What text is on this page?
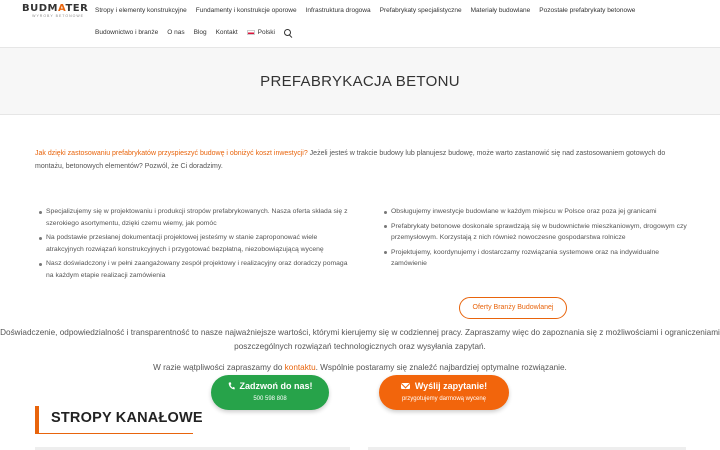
BUDMATER
WYROBY BETONOWE
Stropy i elementy konstrukcyjne Fundamenty i konstrukcje oporowe Infrastruktura drogowa Prefabrykaty specjalistyczne Materiały budowlane Pozostałe prefabrykaty betonowe
Budownictwo i branże O nas Blog Kontakt	Polski
PREFABRYKACJA BETONU

Jak dzięki zastosowaniu prefabrykatów przyspieszyć budowę i obniżyć koszt inwestycji? Jeżeli jesteś w trakcie budowy lub planujesz budowę, może warto zastanowić się nad zastosowaniem gotowych do montażu, betonowych elementów? Pozwól, że Ci doradzimy.

Specjalizujemy się w projektowaniu i produkcji stropów prefabrykowanych. Nasza oferta składa się z szerokiego asortymentu, dzięki czemu wiemy, jak pomóc
Na podstawie przesłanej dokumentacji projektowej jesteśmy w stanie zaproponować wiele atrakcyjnych rozwiązań konstrukcyjnych i przygotować bezpłatną, niezobowiązującą wycenę
Nasz doświadczony i w pełni zaangażowany zespół projektowy i realizacyjny oraz doradczy pomaga na każdym etapie realizacji zamówienia
Obsługujemy inwestycje budowlane w każdym miejscu w Polsce oraz poza jej granicami
Prefabrykaty betonowe doskonale sprawdzają się w budownictwie mieszkaniowym, drogowym czy przemysłowym. Korzystają z nich również nowoczesne gospodarstwa rolnicze
Projektujemy, koordynujemy i dostarczamy rozwiązania systemowe oraz na indywidualne zamówienie
Oferty Branży Budowlanej

Doświadczenie, odpowiedzialność i transparentność to nasze najważniejsze wartości, którymi kierujemy się w codziennej pracy. Zapraszamy więc do zapoznania się z możliwościami i ograniczeniami poszczególnych rozwiązań technologicznych oraz wysyłania zapytań.

W razie wątpliwości zapraszamy do kontaktu. Wspólnie postaramy się znaleźć najbardziej optymalne rozwiązanie.

Zadzwoń do nas!
500 598 808
Wyślij zapytanie!
przygotujemy darmową wycenę
STROPY KANAŁOWE
